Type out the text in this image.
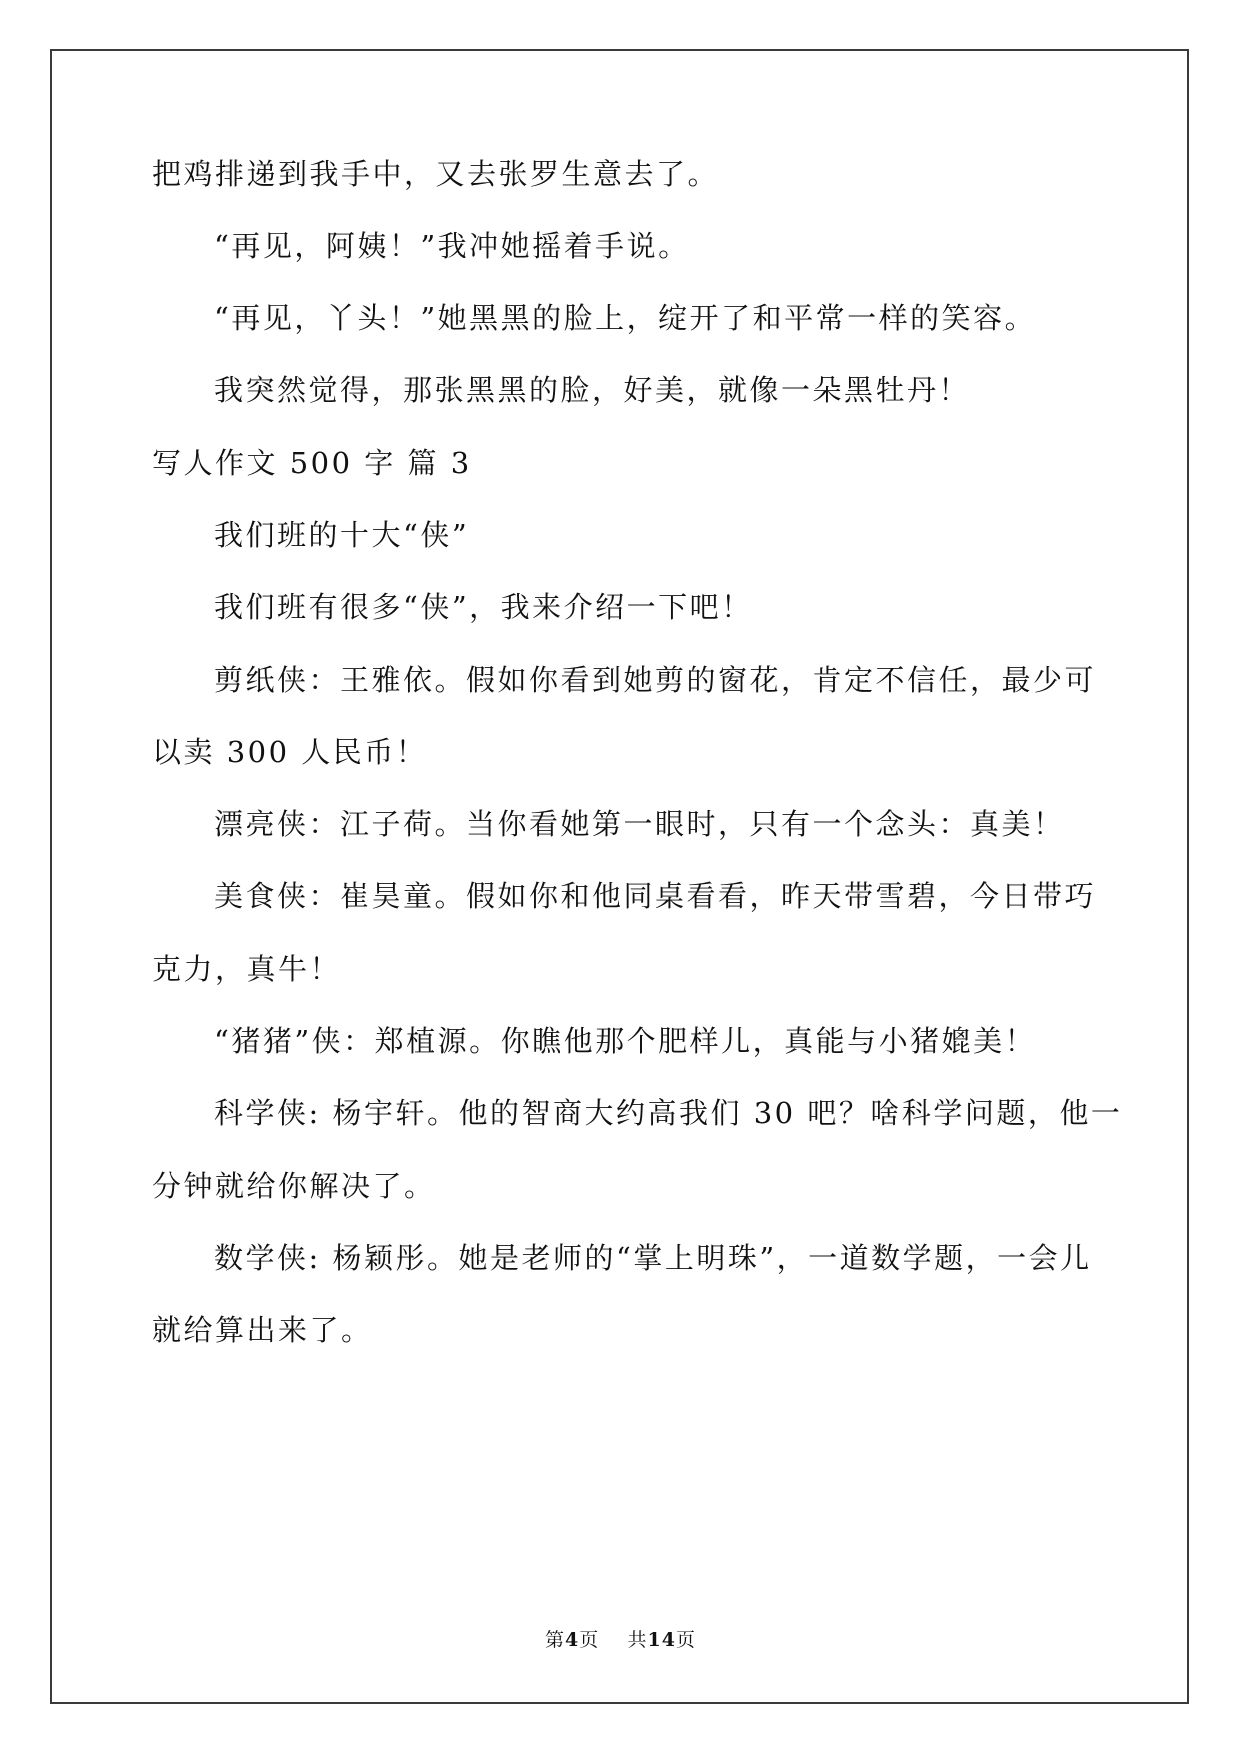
把鸡排递到我手中，又去张罗生意去了。
“再见，阿姨！”我冲她摇着手说。
“再见，丫头！”她黑黑的脸上，绽开了和平常一样的笑容。
我突然觉得，那张黑黑的脸，好美，就像一朵黑牡丹！
写人作文 500 字 篇 3
我们班的十大“侠”
我们班有很多“侠”，我来介绍一下吧！
剪纸侠：王雅依。假如你看到她剪的窗花，肯定不信任，最少可
以卖 300 人民币！
漂亮侠：江子荷。当你看她第一眼时，只有一个念头：真美！
美食侠：崔昊童。假如你和他同桌看看，昨天带雪碧，今日带巧
克力，真牛！
“猪猪”侠：郑植源。你瞧他那个肥样儿，真能与小猪媲美！
科学侠: 杨宇轩。他的智商大约高我们 30 吧？啥科学问题，他一
分钟就给你解决了。
数学侠: 杨颖彤。她是老师的“掌上明珠”，一道数学题，一会儿
就给算出来了。
第4页 共14页
